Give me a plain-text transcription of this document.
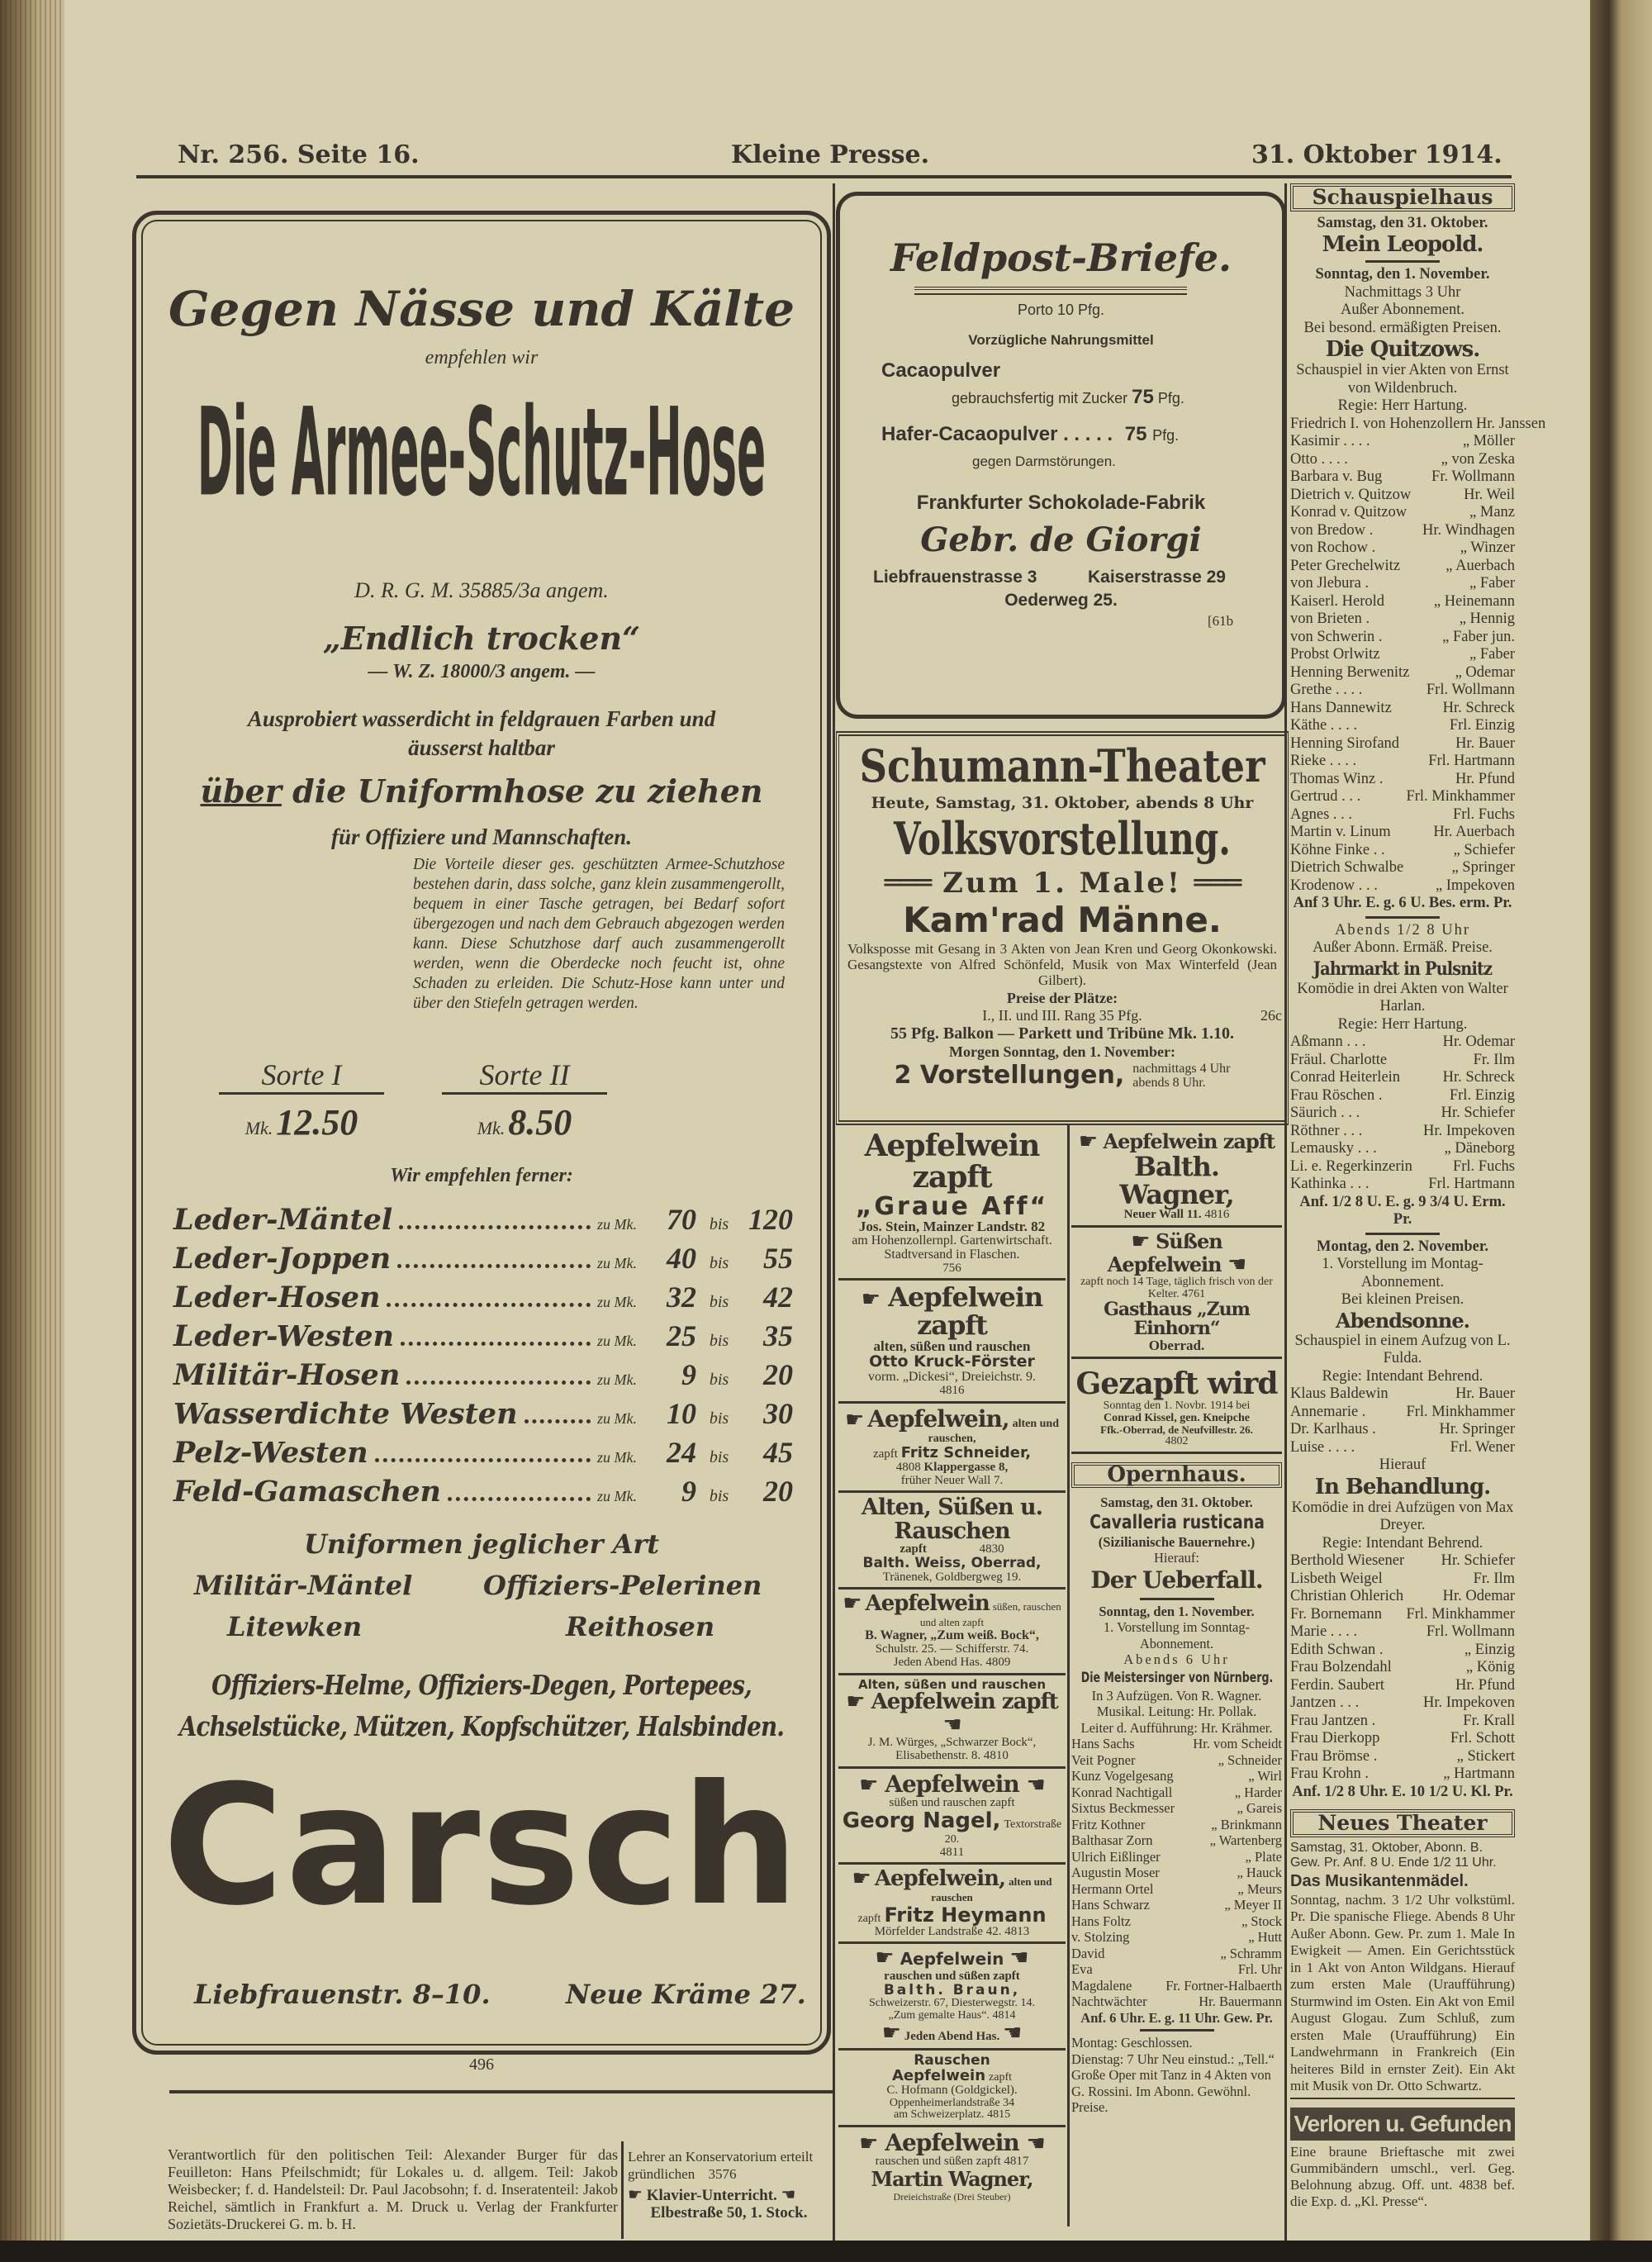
Nr. 256. Seite 16.	Kleine Presse.	31. Oktober 1914.
Gegen Nässe und Kälte
empfehlen wir
Die Armee-Schutz-Hose
D. R. G. M. 35885/3a angem.
„Endlich trocken“
— W. Z. 18000/3 angem. —
Ausprobiert wasserdicht in feldgrauen Farben und
äusserst haltbar
über die Uniformhose zu ziehen
für Offiziere und Mannschaften.
Die Vorteile dieser ges. geschützten Armee-Schutzhose bestehen darin, dass solche, ganz klein zusammengerollt, bequem in einer Tasche getragen, bei Bedarf sofort übergezogen und nach dem Gebrauch abgezogen werden kann. Diese Schutzhose darf auch zusammengerollt werden, wenn die Oberdecke noch feucht ist, ohne Schaden zu erleiden. Die Schutz-Hose kann unter und über den Stiefeln getragen werden.
Sorte I
Mk. 12.50
Sorte II
Mk. 8.50
Wir empfehlen ferner:
Leder-Mäntel	zu Mk.	70 bis 120
Leder-Joppen	zu Mk.	40 bis	55
Leder-Hosen	zu Mk.	32 bis	42
Leder-Westen	zu Mk.	25 bis	35
Militär-Hosen	zu Mk.	9 bis	20
Wasserdichte Westen	zu Mk.	10 bis	30
Pelz-Westen	zu Mk.	24 bis	45
Feld-Gamaschen	zu Mk.	9 bis	20
Uniformen jeglicher Art
Militär-Mäntel	Offiziers-Pelerinen
Litewken	Reithosen
Offiziers-Helme, Offiziers-Degen, Portepees,
Achselstücke, Mützen, Kopfschützer, Halsbinden.
Carsch
Liebfrauenstr. 8–10.	Neue Kräme 27.
496
Verantwortlich für den politischen Teil: Alexander Burger für das Feuilleton: Hans Pfeilschmidt; für Lokales u. d. allgem. Teil: Jakob Weisbecker; f. d. Handelsteil: Dr. Paul Jacobsohn; f. d. Inseratenteil: Jakob Reichel, sämtlich in Frankfurt a. M. Druck u. Verlag der Frankfurter Sozietäts-Druckerei G. m. b. H.
Lehrer an Konservatorium erteilt gründlichen 3576
☛ Klavier-Unterricht. ☚
Elbestraße 50, 1. Stock.
Feldpost-Briefe.
Porto 10 Pfg.
Vorzügliche Nahrungsmittel
Cacaopulver
gebrauchsfertig mit Zucker 75 Pfg.
Hafer-Cacaopulver . . . . . 75 Pfg.
gegen Darmstörungen.
Frankfurter Schokolade-Fabrik
Gebr. de Giorgi
Liebfrauenstrasse 3	Kaiserstrasse 29
Oederweg 25.
[61b
Schumann-Theater
Heute, Samstag, 31. Oktober, abends 8 Uhr
Volksvorstellung.
═══ Zum 1. Male! ═══
Kam'rad Männe.
Volksposse mit Gesang in 3 Akten von Jean Kren und Georg Okonkowski. Gesangstexte von Alfred Schönfeld, Musik von Max Winterfeld (Jean Gilbert).
Preise der Plätze:
I., II. und III. Rang 35 Pfg.	26c
55 Pfg. Balkon — Parkett und Tribüne Mk. 1.10.
Morgen Sonntag, den 1. November:
2 Vorstellungen, nachmittags 4 Uhr
abends 8 Uhr.
Aepfelwein zapft
„Graue Aff“
Jos. Stein, Mainzer Landstr. 82
am Hohenzollernpl. Gartenwirtschaft. Stadtversand in Flaschen.
756
☛ Aepfelwein zapft
alten, süßen und rauschen
Otto Kruck-Förster
vorm. „Dickesi“, Dreieichstr. 9.
4816
☛ Aepfelwein, alten und rauschen,
zapft Fritz Schneider,
4808 Klappergasse 8,
früher Neuer Wall 7.
Alten, Süßen u. Rauschen
zapft	4830
Balth. Weiss, Oberrad,
Tränenek, Goldbergweg 19.
☛ Aepfelwein süßen, rauschen und alten zapft
B. Wagner, „Zum weiß. Bock“,
Schulstr. 25. — Schifferstr. 74.
Jeden Abend Has. 4809
Alten, süßen und rauschen
☛ Aepfelwein zapft ☚
J. M. Würges, „Schwarzer Bock“, Elisabethenstr. 8. 4810
☛ Aepfelwein ☚
süßen und rauschen zapft
Georg Nagel, Textorstraße 20.
4811
☛ Aepfelwein, alten und rauschen
zapft Fritz Heymann
Mörfelder Landstraße 42. 4813
☛ Aepfelwein ☚
rauschen und süßen zapft
Balth. Braun,
Schweizerstr. 67, Diesterwegstr. 14.
„Zum gemalte Haus“. 4814
☛ Jeden Abend Has. ☚
Rauschen
Aepfelwein zapft
C. Hofmann (Goldgickel).
Oppenheimerlandstraße 34
am Schweizerplatz. 4815
☛ Aepfelwein ☚
rauschen und süßen zapft 4817
Martin Wagner, Dreieichstraße (Drei Steuber)
☛ Aepfelwein zapft
Balth. Wagner,
Neuer Wall 11. 4816
☛ Süßen Aepfelwein ☚
zapft noch 14 Tage, täglich frisch von der Kelter. 4761
Gasthaus „Zum Einhorn“
Oberrad.
Gezapft wird
Sonntag den 1. Novbr. 1914 bei
Conrad Kissel, gen. Kneipche
Ffk.-Oberrad, de Neufvillestr. 26.
4802
Opernhaus.
Samstag, den 31. Oktober.
Cavalleria rusticana
(Sizilianische Bauernehre.)
Hierauf:
Der Ueberfall.
Sonntag, den 1. November.
1. Vorstellung im Sonntag-Abonnement.
Abends 6 Uhr
Die Meistersinger von Nürnberg.
In 3 Aufzügen. Von R. Wagner.
Musikal. Leitung: Hr. Pollak.
Leiter d. Aufführung: Hr. Krähmer.
Hans Sachs	Hr. vom Scheidt
Veit Pogner	„ Schneider
Kunz Vogelgesang	„ Wirl
Konrad Nachtigall	„ Harder
Sixtus Beckmesser	„ Gareis
Fritz Kothner	„ Brinkmann
Balthasar Zorn	„ Wartenberg
Ulrich Eißlinger	„ Plate
Augustin Moser	„ Hauck
Hermann Ortel	„ Meurs
Hans Schwarz	„ Meyer II
Hans Foltz	„ Stock
v. Stolzing	„ Hutt
David	„ Schramm
Eva	Frl. Uhr
Magdalene Fr. Fortner-Halbaerth
Nachtwächter	Hr. Bauermann
Anf. 6 Uhr. E. g. 11 Uhr. Gew. Pr.
Montag: Geschlossen.
Dienstag: 7 Uhr Neu einstud.: „Tell.“ Große Oper mit Tanz in 4 Akten von G. Rossini. Im Abonn. Gewöhnl. Preise.
Schauspielhaus
Samstag, den 31. Oktober.
Mein Leopold.
Sonntag, den 1. November.
Nachmittags 3 Uhr
Außer Abonnement.
Bei besond. ermäßigten Preisen.
Die Quitzows.
Schauspiel in vier Akten von Ernst von Wildenbruch.
Regie: Herr Hartung.
Friedrich I. von Hohenzollern Hr. Janssen
Kasimir . . . .	„ Möller
Otto . . . .	„ von Zeska
Barbara v. Bug	Fr. Wollmann
Dietrich v. Quitzow	Hr. Weil
Konrad v. Quitzow	„ Manz
von Bredow .	Hr. Windhagen
von Rochow .	„ Winzer
Peter Grechelwitz	„ Auerbach
von Jlebura .	„ Faber
Kaiserl. Herold	„ Heinemann
von Brieten .	„ Hennig
von Schwerin .	„ Faber jun.
Probst Orlwitz	„ Faber
Henning Berwenitz	„ Odemar
Grethe . . . .	Frl. Wollmann
Hans Dannewitz	Hr. Schreck
Käthe . . . .	Frl. Einzig
Henning Sirofand	Hr. Bauer
Rieke . . . .	Frl. Hartmann
Thomas Winz .	Hr. Pfund
Gertrud . . .	Frl. Minkhammer
Agnes . . .	Frl. Fuchs
Martin v. Linum	Hr. Auerbach
Köhne Finke . .	„ Schiefer
Dietrich Schwalbe	„ Springer
Krodenow . . .	„ Impekoven
Anf 3 Uhr. E. g. 6 U. Bes. erm. Pr.
Abends 1/2 8 Uhr
Außer Abonn. Ermäß. Preise.
Jahrmarkt in Pulsnitz
Komödie in drei Akten von Walter Harlan.
Regie: Herr Hartung.
Aßmann . . .	Hr. Odemar
Fräul. Charlotte	Fr. Ilm
Conrad Heiterlein	Hr. Schreck
Frau Röschen .	Frl. Einzig
Säurich . . .	Hr. Schiefer
Röthner . . .	Hr. Impekoven
Lemausky . . .	„ Däneborg
Li. e. Regerkinzerin	Frl. Fuchs
Kathinka . . .	Frl. Hartmann
Anf. 1/2 8 U. E. g. 9 3/4 U. Erm. Pr.
Montag, den 2. November.
1. Vorstellung im Montag-Abonnement.
Bei kleinen Preisen.
Abendsonne.
Schauspiel in einem Aufzug von L. Fulda.
Regie: Intendant Behrend.
Klaus Baldewin	Hr. Bauer
Annemarie .	Frl. Minkhammer
Dr. Karlhaus .	Hr. Springer
Luise . . . .	Frl. Wener
Hierauf
In Behandlung.
Komödie in drei Aufzügen von Max Dreyer.
Regie: Intendant Behrend.
Berthold Wiesener Hr. Schiefer
Lisbeth Weigel	Fr. Ilm
Christian Ohlerich	Hr. Odemar
Fr. Bornemann Frl. Minkhammer
Marie . . . .	Frl. Wollmann
Edith Schwan .	„ Einzig
Frau Bolzendahl	„ König
Ferdin. Saubert	Hr. Pfund
Jantzen . . .	Hr. Impekoven
Frau Jantzen .	Fr. Krall
Frau Dierkopp	Frl. Schott
Frau Brömse .	„ Stickert
Frau Krohn .	„ Hartmann
Anf. 1/2 8 Uhr. E. 10 1/2 U. Kl. Pr.
Neues Theater
Samstag, 31. Oktober, Abonn. B. Gew. Pr. Anf. 8 U. Ende 1/2 11 Uhr.
Das Musikantenmädel.
Sonntag, nachm. 3 1/2 Uhr volkstüml. Pr. Die spanische Fliege. Abends 8 Uhr Außer Abonn. Gew. Pr. zum 1. Male In Ewigkeit — Amen. Ein Gerichtsstück in 1 Akt von Anton Wildgans. Hierauf zum ersten Male (Uraufführung) Sturmwind im Osten. Ein Akt von Emil August Glogau. Zum Schluß, zum ersten Male (Uraufführung) Ein Landwehrmann in Frankreich (Ein heiteres Bild in ernster Zeit). Ein Akt mit Musik von Dr. Otto Schwartz.
Verloren u. Gefunden
Eine braune Brieftasche mit zwei Gummibändern umschl., verl. Geg. Belohnung abzug. Off. unt. 4838 bef. die Exp. d. „Kl. Presse“.
